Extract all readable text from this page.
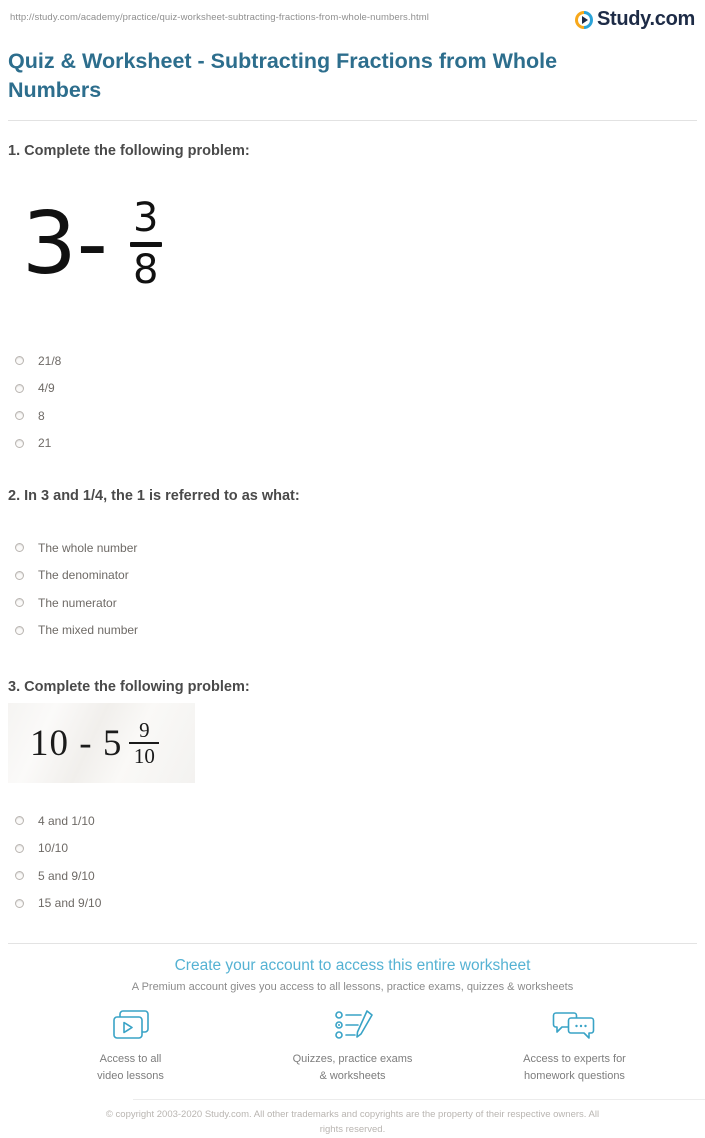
http://study.com/academy/practice/quiz-worksheet-subtracting-fractions-from-whole-numbers.html	Study.com
Quiz & Worksheet - Subtracting Fractions from Whole Numbers
1. Complete the following problem:
3- 3
8
21/8
4/9
8
21
2. In 3 and 1/4, the 1 is referred to as what:
The whole number
The denominator
The numerator
The mixed number
3. Complete the following problem:
$10 - 5 \frac{9}{10}$
4 and 1/10
10/10
5 and 9/10
15 and 9/10
Create your account to access this entire worksheet
A Premium account gives you access to all lessons, practice exams, quizzes & worksheets
Access to all
video lessons
Quizzes, practice exams
& worksheets
Access to experts for
homework questions
© copyright 2003-2020 Study.com. All other trademarks and copyrights are the property of their respective owners. All rights reserved.
